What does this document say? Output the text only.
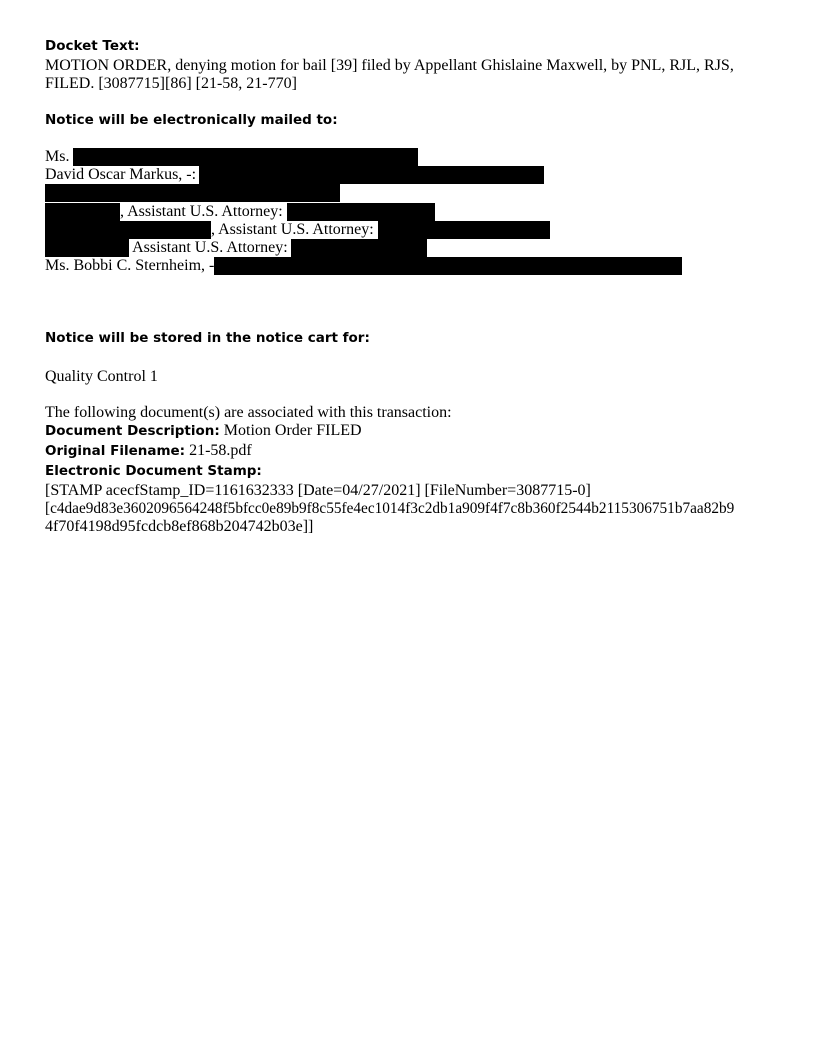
Docket Text:
MOTION ORDER, denying motion for bail [39] filed by Appellant Ghislaine Maxwell, by PNL, RJL, RJS,
FILED. [3087715][86] [21-58, 21-770]
Notice will be electronically mailed to:
Ms.
David Oscar Markus, -:
, Assistant U.S. Attorney:
, Assistant U.S. Attorney:
Assistant U.S. Attorney:
Ms. Bobbi C. Sternheim, -
Notice will be stored in the notice cart for:
Quality Control 1
The following document(s) are associated with this transaction:
Document Description: Motion Order FILED
Original Filename: 21-58.pdf
Electronic Document Stamp:
[STAMP acecfStamp_ID=1161632333 [Date=04/27/2021] [FileNumber=3087715-0]
[c4dae9d83e3602096564248f5bfcc0e89b9f8c55fe4ec1014f3c2db1a909f4f7c8b360f2544b2115306751b7aa82b9
4f70f4198d95fcdcb8ef868b204742b03e]]
